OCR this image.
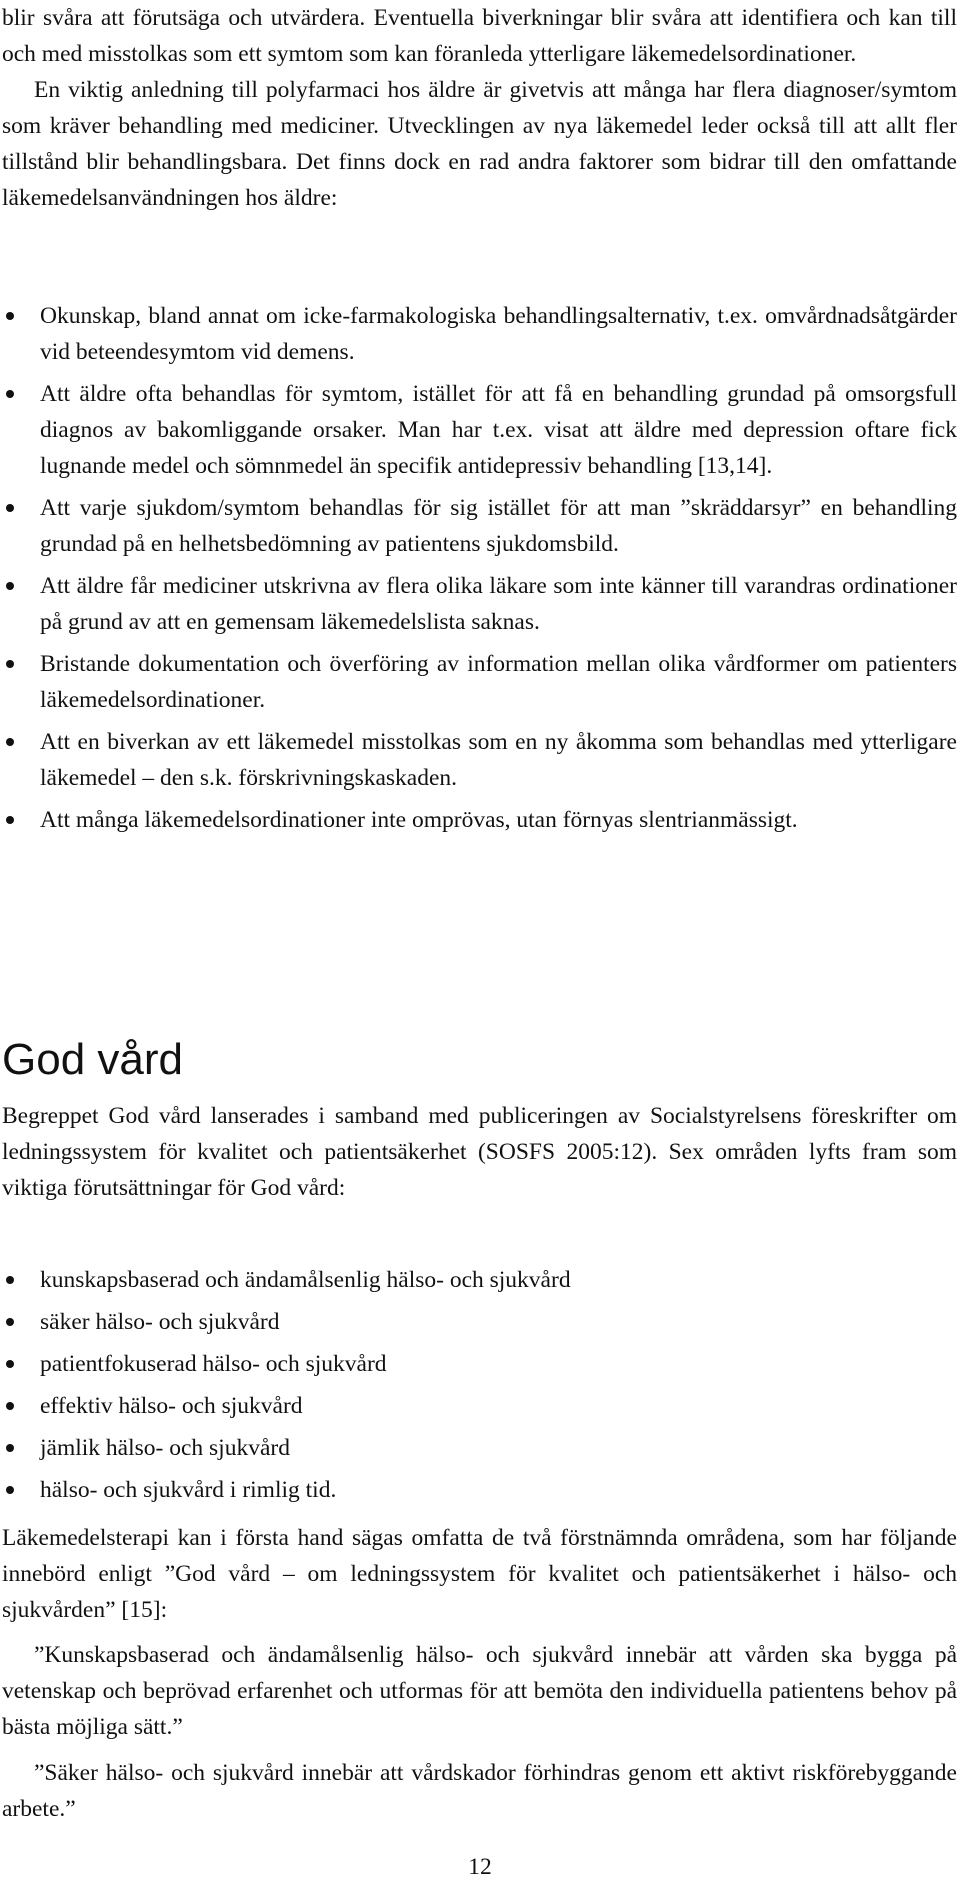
blir svåra att förutsäga och utvärdera. Eventuella biverkningar blir svåra att identifiera och kan till och med misstolkas som ett symtom som kan föranleda ytterligare läkemedelsordinationer.
En viktig anledning till polyfarmaci hos äldre är givetvis att många har flera diagnoser/symtom som kräver behandling med mediciner. Utvecklingen av nya läkemedel leder också till att allt fler tillstånd blir behandlingsbara. Det finns dock en rad andra faktorer som bidrar till den omfattande läkemedelsanvändningen hos äldre:

Okunskap, bland annat om icke-farmakologiska behandlingsalternativ, t.ex. omvårdnadsåtgärder vid beteendesymtom vid demens.
Att äldre ofta behandlas för symtom, istället för att få en behandling grundad på omsorgsfull diagnos av bakomliggande orsaker. Man har t.ex. visat att äldre med depression oftare fick lugnande medel och sömnmedel än specifik antidepressiv behandling [13,14].
Att varje sjukdom/symtom behandlas för sig istället för att man ”skräddarsyr” en behandling grundad på en helhetsbedömning av patientens sjukdomsbild.
Att äldre får mediciner utskrivna av flera olika läkare som inte känner till varandras ordinationer på grund av att en gemensam läkemedelslista saknas.
Bristande dokumentation och överföring av information mellan olika vårdformer om patienters läkemedelsordinationer.
Att en biverkan av ett läkemedel misstolkas som en ny åkomma som behandlas med ytterligare läkemedel – den s.k. förskrivningskaskaden.
Att många läkemedelsordinationer inte omprövas, utan förnyas slentrianmässigt.
God vård

Begreppet God vård lanserades i samband med publiceringen av Socialstyrelsens föreskrifter om ledningssystem för kvalitet och patientsäkerhet (SOSFS 2005:12). Sex områden lyfts fram som viktiga förutsättningar för God vård:

kunskapsbaserad och ändamålsenlig hälso- och sjukvård
säker hälso- och sjukvård
patientfokuserad hälso- och sjukvård
effektiv hälso- och sjukvård
jämlik hälso- och sjukvård
hälso- och sjukvård i rimlig tid.

Läkemedelsterapi kan i första hand sägas omfatta de två förstnämnda områdena, som har följande innebörd enligt ”God vård – om ledningssystem för kvalitet och patientsäkerhet i hälso- och sjukvården” [15]:

”Kunskapsbaserad och ändamålsenlig hälso- och sjukvård innebär att vården ska bygga på vetenskap och beprövad erfarenhet och utformas för att bemöta den individuella patientens behov på bästa möjliga sätt.”

”Säker hälso- och sjukvård innebär att vårdskador förhindras genom ett aktivt riskförebyggande arbete.”

12
